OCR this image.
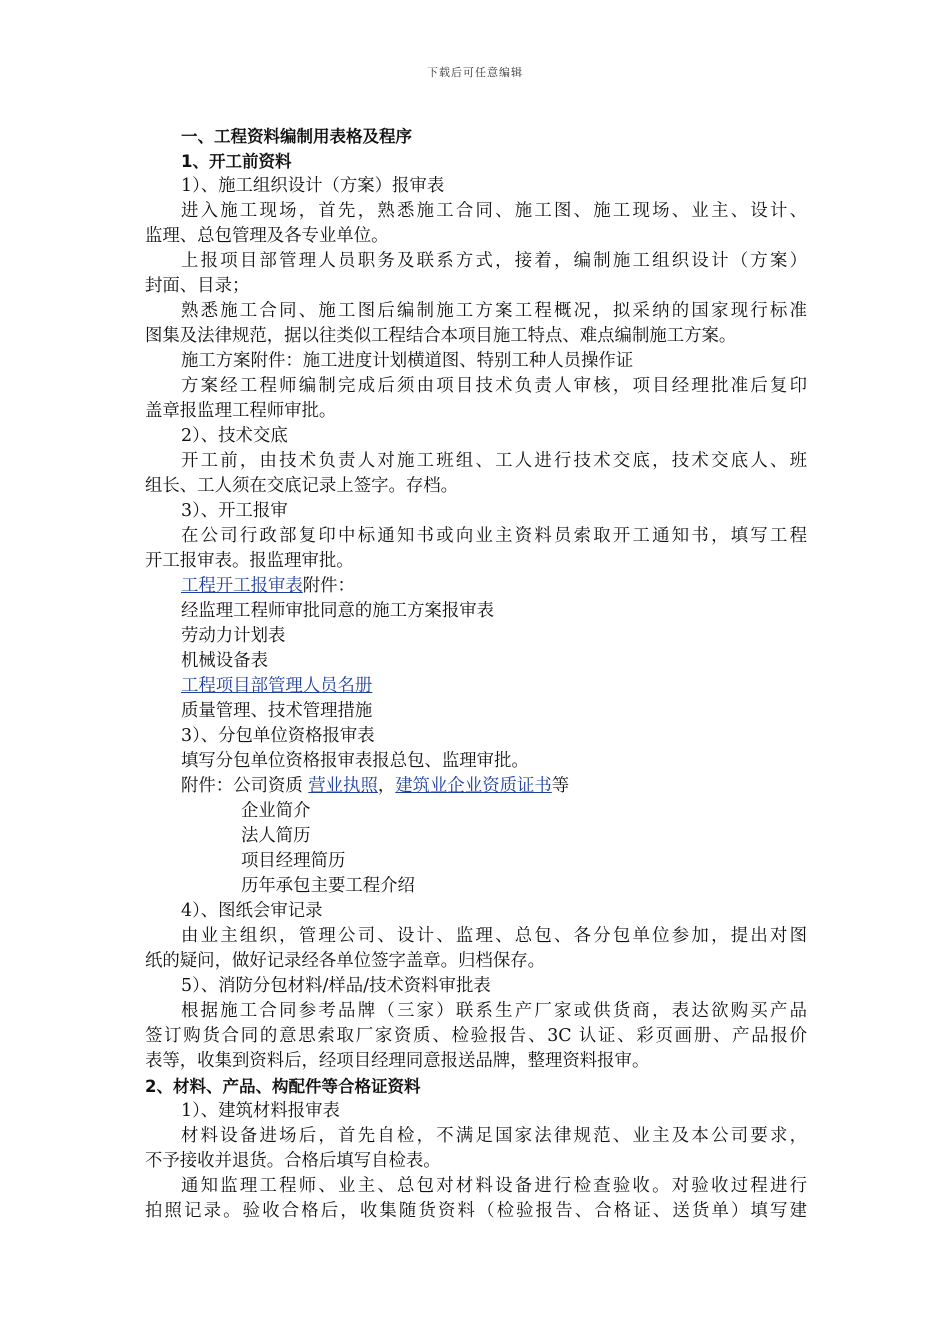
下载后可任意编辑
一、工程资料编制用表格及程序
1、开工前资料
1）、施工组织设计（方案）报审表
进入施工现场，首先，熟悉施工合同、施工图、施工现场、业主、设计、
监理、总包管理及各专业单位。
上报项目部管理人员职务及联系方式，接着，编制施工组织设计（方案）
封面、目录；
熟悉施工合同、施工图后编制施工方案工程概况，拟采纳的国家现行标准
图集及法律规范，据以往类似工程结合本项目施工特点、难点编制施工方案。
施工方案附件：施工进度计划横道图、特别工种人员操作证
方案经工程师编制完成后须由项目技术负责人审核，项目经理批准后复印
盖章报监理工程师审批。
2）、技术交底
开工前，由技术负责人对施工班组、工人进行技术交底，技术交底人、班
组长、工人须在交底记录上签字。存档。
3）、开工报审
在公司行政部复印中标通知书或向业主资料员索取开工通知书，填写工程
开工报审表。报监理审批。
工程开工报审表附件：
经监理工程师审批同意的施工方案报审表
劳动力计划表
机械设备表
工程项目部管理人员名册
质量管理、技术管理措施
3）、分包单位资格报审表
填写分包单位资格报审表报总包、监理审批。
附件：公司资质 营业执照，建筑业企业资质证书等
企业简介
法人简历
项目经理简历
历年承包主要工程介绍
4）、图纸会审记录
由业主组织，管理公司、设计、监理、总包、各分包单位参加，提出对图
纸的疑问，做好记录经各单位签字盖章。归档保存。
5）、消防分包材料/样品/技术资料审批表
根据施工合同参考品牌（三家）联系生产厂家或供货商，表达欲购买产品
签订购货合同的意思索取厂家资质、检验报告、3C 认证、彩页画册、产品报价
表等，收集到资料后，经项目经理同意报送品牌，整理资料报审。
2、材料、产品、构配件等合格证资料
1）、建筑材料报审表
材料设备进场后，首先自检，不满足国家法律规范、业主及本公司要求，
不予接收并退货。合格后填写自检表。
通知监理工程师、业主、总包对材料设备进行检查验收。对验收过程进行
拍照记录。验收合格后，收集随货资料（检验报告、合格证、送货单）填写建
